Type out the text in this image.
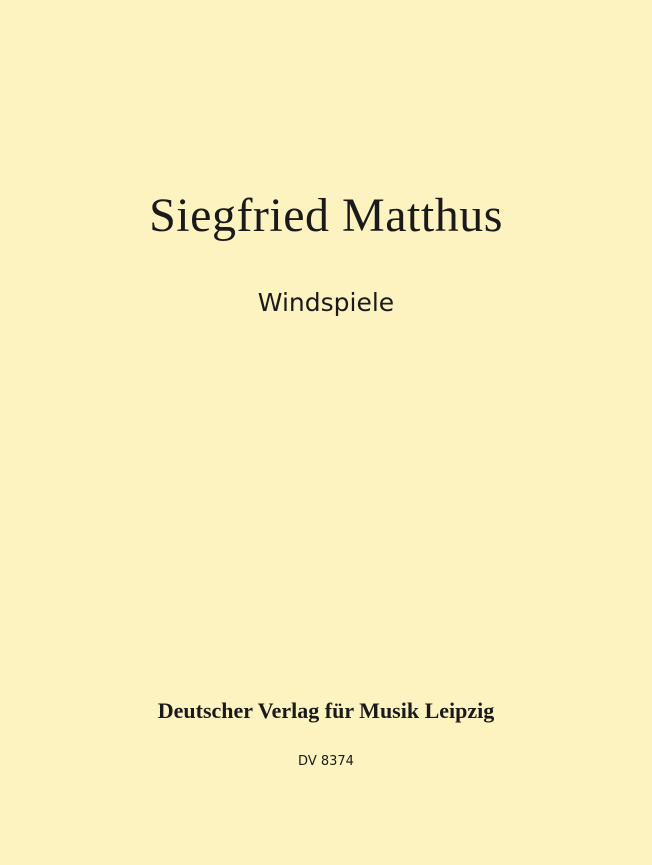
Siegfried Matthus
Windspiele
Deutscher Verlag für Musik Leipzig
DV 8374
